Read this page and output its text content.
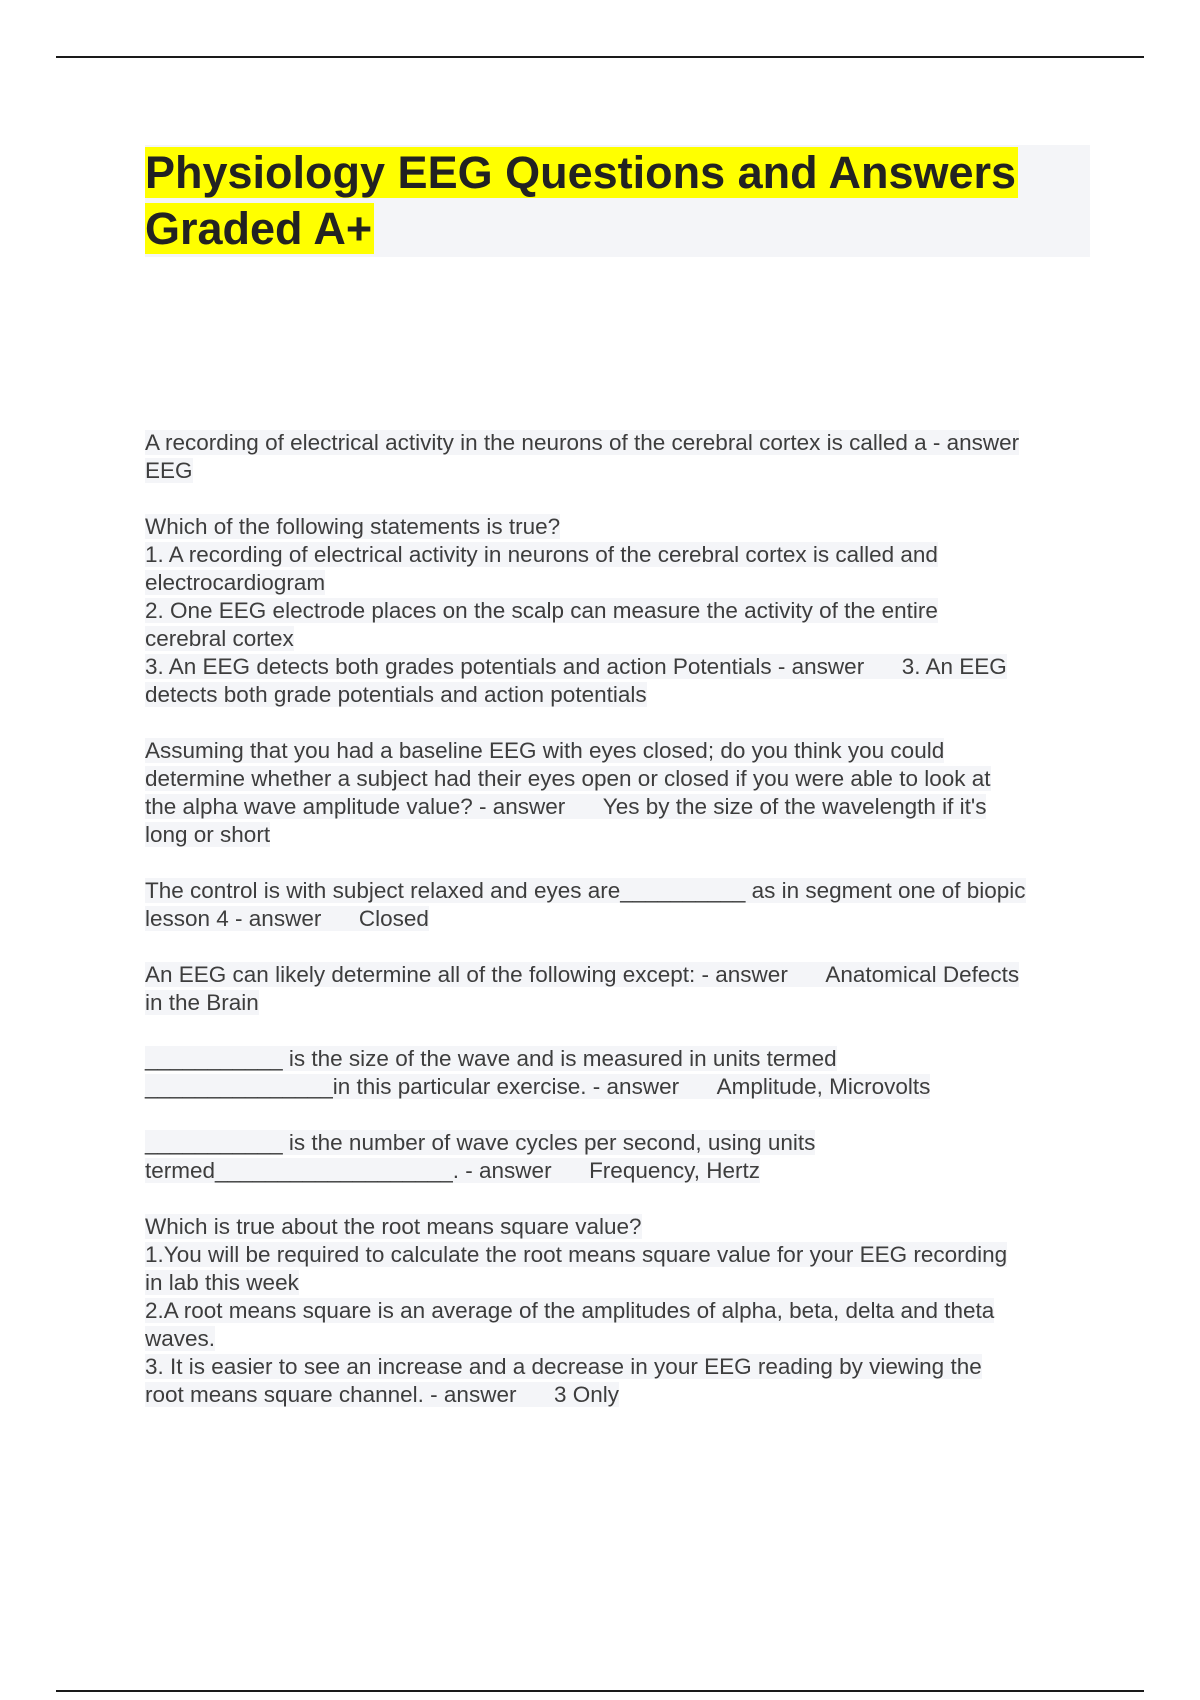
Physiology EEG Questions and Answers
Graded A+
A recording of electrical activity in the neurons of the cerebral cortex is called a - answer
EEG
Which of the following statements is true?
1. A recording of electrical activity in neurons of the cerebral cortex is called and
electrocardiogram
2. One EEG electrode places on the scalp can measure the activity of the entire
cerebral cortex
3. An EEG detects both grades potentials and action Potentials - answer      3. An EEG
detects both grade potentials and action potentials
Assuming that you had a baseline EEG with eyes closed; do you think you could
determine whether a subject had their eyes open or closed if you were able to look at
the alpha wave amplitude value? - answer      Yes by the size of the wavelength if it's
long or short
The control is with subject relaxed and eyes are__________ as in segment one of biopic
lesson 4 - answer      Closed
An EEG can likely determine all of the following except: - answer      Anatomical Defects
in the Brain
___________ is the size of the wave and is measured in units termed
_______________in this particular exercise. - answer      Amplitude, Microvolts
___________ is the number of wave cycles per second, using units
termed___________________. - answer      Frequency, Hertz
Which is true about the root means square value?
1.You will be required to calculate the root means square value for your EEG recording
in lab this week
2.A root means square is an average of the amplitudes of alpha, beta, delta and theta
waves.
3. It is easier to see an increase and a decrease in your EEG reading by viewing the
root means square channel. - answer      3 Only
